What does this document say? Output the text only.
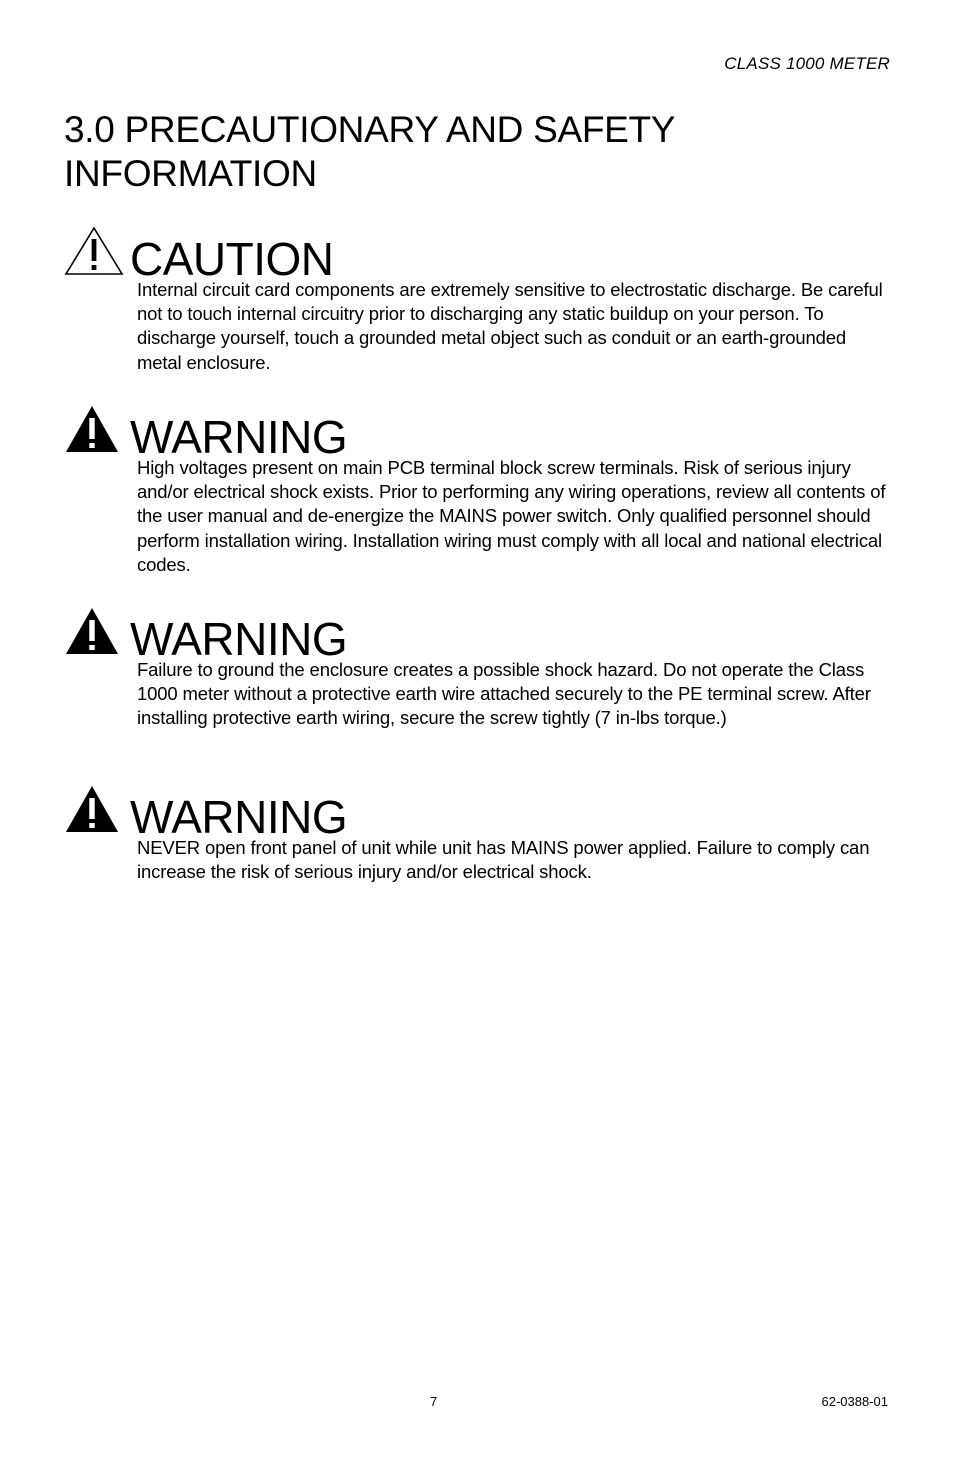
CLASS 1000 METER
3.0 PRECAUTIONARY AND SAFETY INFORMATION
CAUTION

Internal circuit card components are extremely sensitive to electrostatic discharge. Be careful not to touch internal circuitry prior to discharging any static buildup on your person. To discharge yourself, touch a grounded metal object such as conduit or an earth-grounded metal enclosure.

WARNING

High voltages present on main PCB terminal block screw terminals. Risk of serious injury and/or electrical shock exists. Prior to performing any wiring operations, review all contents of the user manual and de-energize the MAINS power switch. Only qualified personnel should perform installation wiring. Installation wiring must comply with all local and national electrical codes.

WARNING

Failure to ground the enclosure creates a possible shock hazard. Do not operate the Class 1000 meter without a protective earth wire attached securely to the PE terminal screw. After installing protective earth wiring, secure the screw tightly (7 in-lbs torque.)

WARNING

NEVER open front panel of unit while unit has MAINS power applied. Failure to comply can increase the risk of serious injury and/or electrical shock.

7	62-0388-01
